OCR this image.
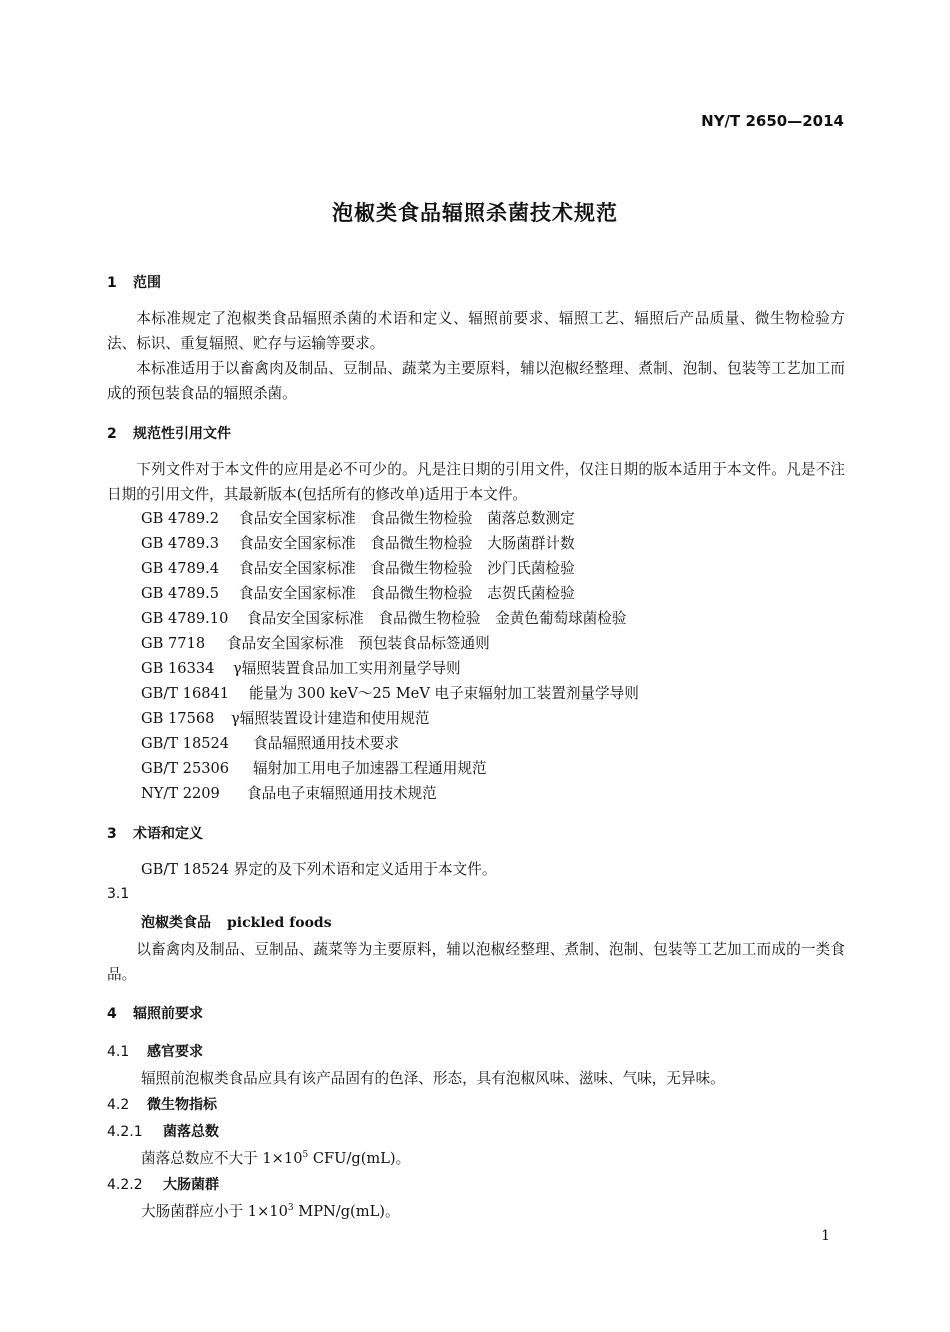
NY/T 2650—2014
泡椒类食品辐照杀菌技术规范
1 范围
本标准规定了泡椒类食品辐照杀菌的术语和定义、辐照前要求、辐照工艺、辐照后产品质量、微生物检验方法、标识、重复辐照、贮存与运输等要求。
本标准适用于以畜禽肉及制品、豆制品、蔬菜为主要原料，辅以泡椒经整理、煮制、泡制、包装等工艺加工而成的预包装食品的辐照杀菌。
2 规范性引用文件
下列文件对于本文件的应用是必不可少的。凡是注日期的引用文件，仅注日期的版本适用于本文件。凡是不注日期的引用文件，其最新版本(包括所有的修改单)适用于本文件。
GB 4789.2 食品安全国家标准　食品微生物检验　菌落总数测定
GB 4789.3 食品安全国家标准　食品微生物检验　大肠菌群计数
GB 4789.4 食品安全国家标准　食品微生物检验　沙门氏菌检验
GB 4789.5 食品安全国家标准　食品微生物检验　志贺氏菌检验
GB 4789.10 食品安全国家标准　食品微生物检验　金黄色葡萄球菌检验
GB 7718 食品安全国家标准　预包装食品标签通则
GB 16334 γ辐照装置食品加工实用剂量学导则
GB/T 16841 能量为 300 keV～25 MeV 电子束辐射加工装置剂量学导则
GB 17568 γ辐照装置设计建造和使用规范
GB/T 18524 食品辐照通用技术要求
GB/T 25306 辐射加工用电子加速器工程通用规范
NY/T 2209 食品电子束辐照通用技术规范
3 术语和定义
GB/T 18524 界定的及下列术语和定义适用于本文件。
3.1
泡椒类食品 pickled foods
以畜禽肉及制品、豆制品、蔬菜等为主要原料，辅以泡椒经整理、煮制、泡制、包装等工艺加工而成的一类食品。
4 辐照前要求
4.1 感官要求
辐照前泡椒类食品应具有该产品固有的色泽、形态，具有泡椒风味、滋味、气味，无异味。
4.2 微生物指标
4.2.1 菌落总数
菌落总数应不大于 $1\times 10^5$ CFU/g(mL)。
4.2.2 大肠菌群
大肠菌群应小于 $1\times 10^3$ MPN/g(mL)。
1
